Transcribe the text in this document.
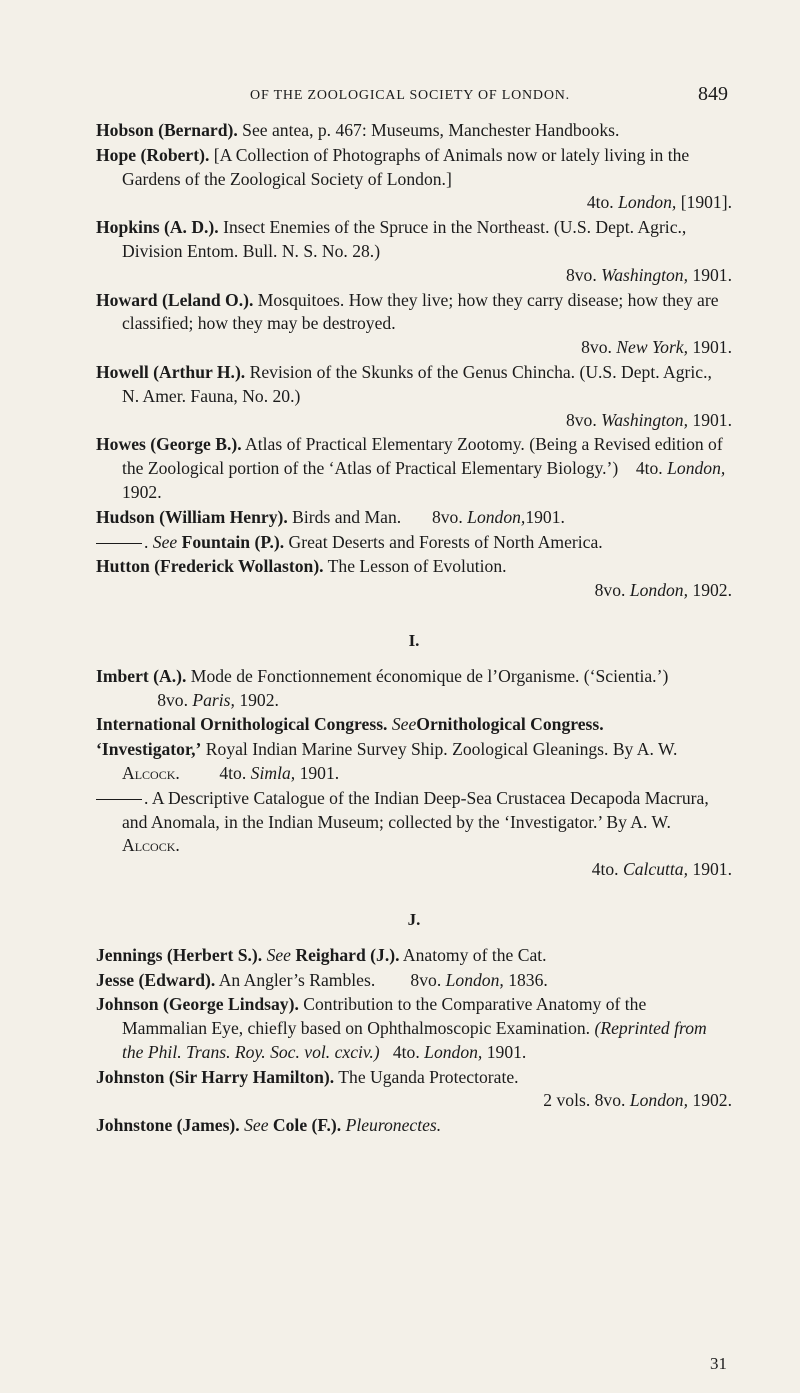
OF THE ZOOLOGICAL SOCIETY OF LONDON.	849
Hobson (Bernard). See antea, p. 467: Museums, Manchester Handbooks.
Hope (Robert). [A Collection of Photographs of Animals now or lately living in the Gardens of the Zoological Society of London.]
4to. London, [1901].
Hopkins (A. D.). Insect Enemies of the Spruce in the Northeast. (U.S. Dept. Agric., Division Entom. Bull. N. S. No. 28.)
8vo. Washington, 1901.
Howard (Leland O.). Mosquitoes. How they live; how they carry disease; how they are classified; how they may be destroyed.
8vo. New York, 1901.
Howell (Arthur H.). Revision of the Skunks of the Genus Chincha. (U.S. Dept. Agric., N. Amer. Fauna, No. 20.)
8vo. Washington, 1901.
Howes (George B.). Atlas of Practical Elementary Zootomy. (Being a Revised edition of the Zoological portion of the ‘Atlas of Practical Elementary Biology.’) 4to. London, 1902.
Hudson (William Henry). Birds and Man. 8vo. London,1901.
. See Fountain (P.). Great Deserts and Forests of North America.
Hutton (Frederick Wollaston). The Lesson of Evolution.
8vo. London, 1902.
I.
Imbert (A.). Mode de Fonctionnement économique de l’Organisme. (‘Scientia.’)         8vo. Paris, 1902.
International Ornithological Congress. SeeOrnithological Congress.
‘Investigator,’ Royal Indian Marine Survey Ship. Zoological Gleanings. By A. W. Alcock. 4to. Simla, 1901.
. A Descriptive Catalogue of the Indian Deep-Sea Crustacea Decapoda Macrura, and Anomala, in the Indian Museum; collected by the ‘Investigator.’ By A. W. Alcock.
4to. Calcutta, 1901.
J.
Jennings (Herbert S.). See Reighard (J.). Anatomy of the Cat.
Jesse (Edward). An Angler’s Rambles. 8vo. London, 1836.
Johnson (George Lindsay). Contribution to the Comparative Anatomy of the Mammalian Eye, chiefly based on Ophthalmoscopic Examination. (Reprinted from the Phil. Trans. Roy. Soc. vol. cxciv.) 4to. London, 1901.
Johnston (Sir Harry Hamilton). The Uganda Protectorate.
2 vols. 8vo. London, 1902.
Johnstone (James). See Cole (F.). Pleuronectes.
31
